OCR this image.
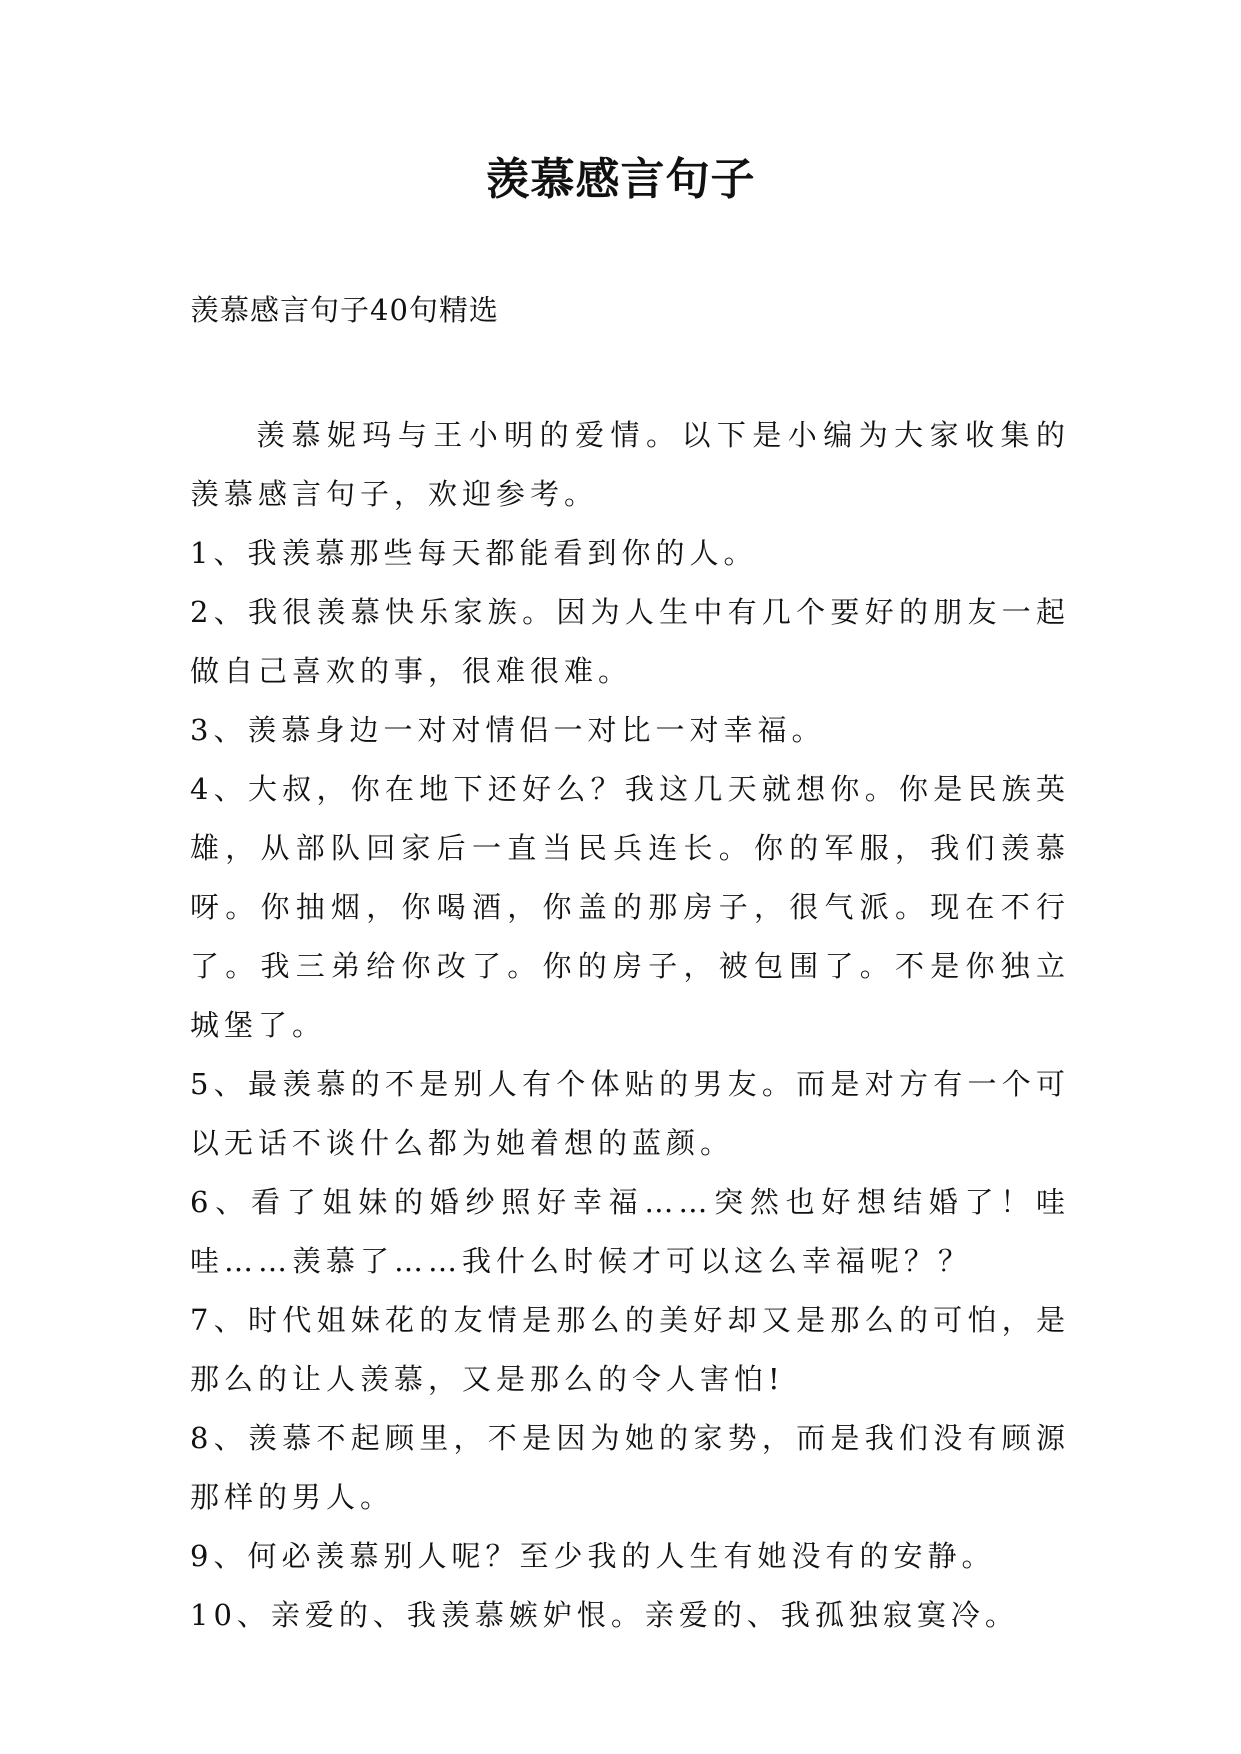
羡慕感言句子
羡慕感言句子40句精选

羡慕妮玛与王小明的爱情。以下是小编为大家收集的羡慕感言句子，欢迎参考。

1、我羡慕那些每天都能看到你的人。

2、我很羡慕快乐家族。因为人生中有几个要好的朋友一起做自己喜欢的事，很难很难。

3、羡慕身边一对对情侣一对比一对幸福。

4、大叔，你在地下还好么？我这几天就想你。你是民族英雄，从部队回家后一直当民兵连长。你的军服，我们羡慕呀。你抽烟，你喝酒，你盖的那房子，很气派。现在不行了。我三弟给你改了。你的房子，被包围了。不是你独立城堡了。

5、最羡慕的不是别人有个体贴的男友。而是对方有一个可以无话不谈什么都为她着想的蓝颜。

6、看了姐妹的婚纱照好幸福……突然也好想结婚了！哇哇……羡慕了……我什么时候才可以这么幸福呢？？

7、时代姐妹花的友情是那么的美好却又是那么的可怕，是那么的让人羡慕，又是那么的令人害怕!

8、羡慕不起顾里，不是因为她的家势，而是我们没有顾源那样的男人。

9、何必羡慕别人呢？至少我的人生有她没有的安静。

10、亲爱的、我羡慕嫉妒恨。亲爱的、我孤独寂寞冷。
